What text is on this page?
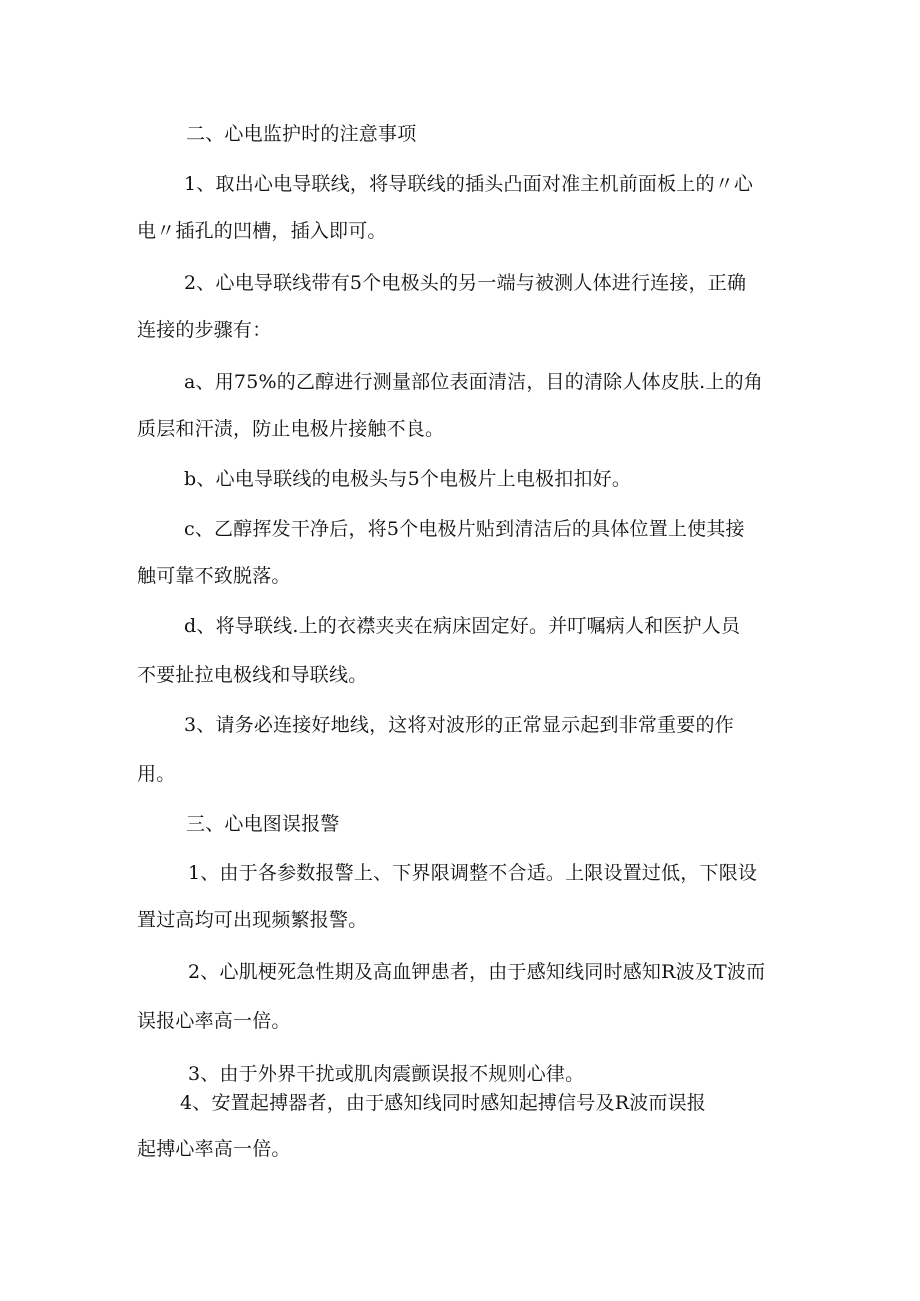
二、心电监护时的注意事项
1、取出心电导联线，将导联线的插头凸面对准主机前面板上的〃心
电〃插孔的凹槽，插入即可。
2、心电导联线带有5个电极头的另一端与被测人体进行连接，正确
连接的步骤有：
a、用75%的乙醇进行测量部位表面清洁，目的清除人体皮肤.上的角
质层和汗渍，防止电极片接触不良。
b、心电导联线的电极头与5个电极片上电极扣扣好。
c、乙醇挥发干净后，将5个电极片贴到清洁后的具体位置上使其接
触可靠不致脱落。
d、将导联线.上的衣襟夹夹在病床固定好。并叮嘱病人和医护人员
不要扯拉电极线和导联线。
3、请务必连接好地线，这将对波形的正常显示起到非常重要的作
用。
三、心电图误报警
1、由于各参数报警上、下界限调整不合适。上限设置过低，下限设
置过高均可出现频繁报警。
2、心肌梗死急性期及高血钾患者，由于感知线同时感知R波及T波而
误报心率高一倍。
3、由于外界干扰或肌肉震颤误报不规则心律。
4、安置起搏器者，由于感知线同时感知起搏信号及R波而误报
起搏心率高一倍。
